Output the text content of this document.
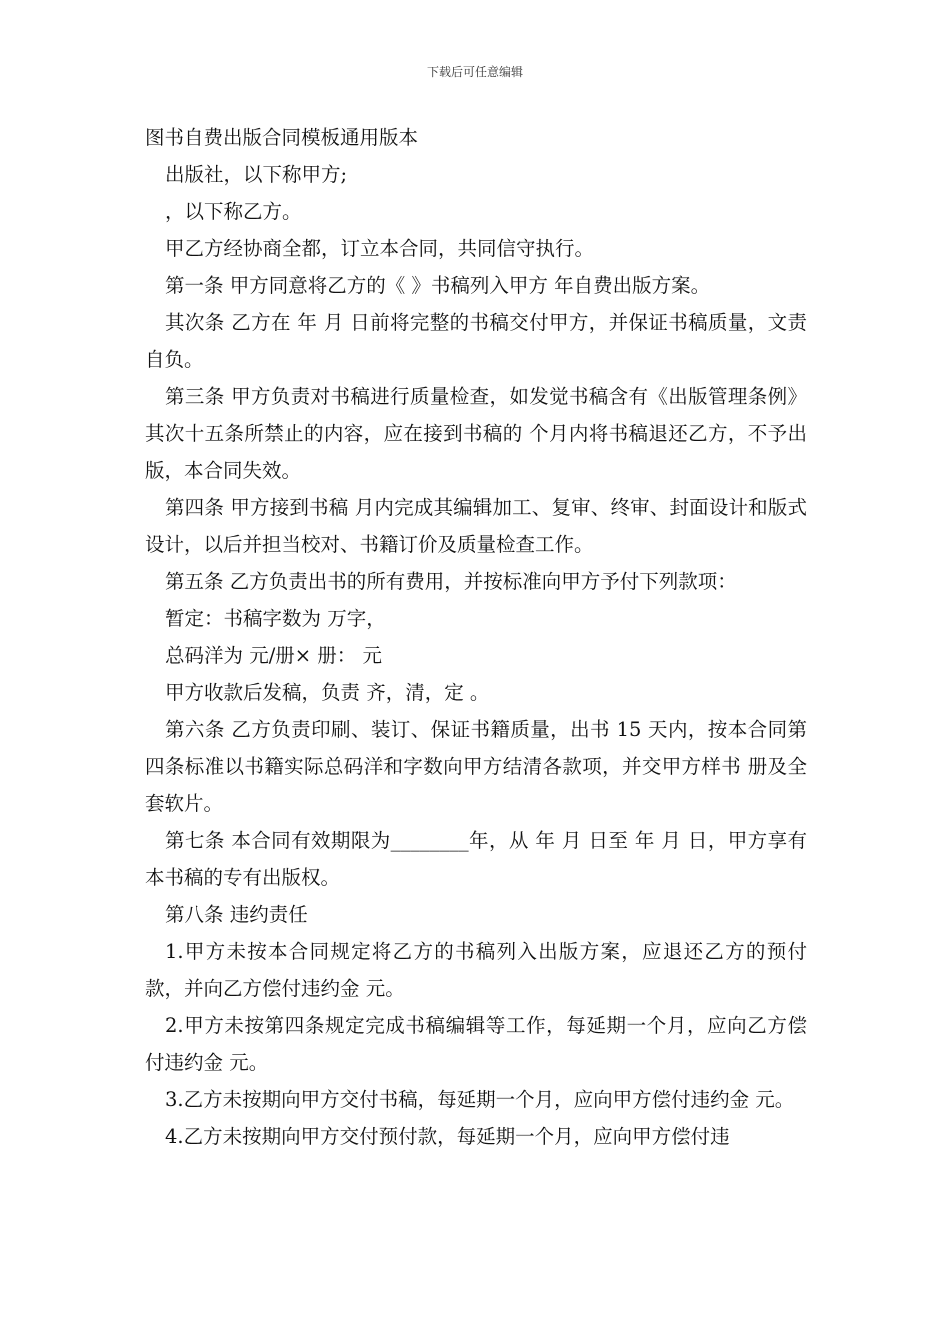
下载后可任意编辑

图书自费出版合同模板通用版本

出版社，以下称甲方;

，以下称乙方。

甲乙方经协商全都，订立本合同，共同信守执行。

第一条 甲方同意将乙方的《 》书稿列入甲方 年自费出版方案。

其次条 乙方在 年 月 日前将完整的书稿交付甲方，并保证书稿质量，文责自负。

第三条 甲方负责对书稿进行质量检查，如发觉书稿含有《出版管理条例》其次十五条所禁止的内容，应在接到书稿的 个月内将书稿退还乙方，不予出版，本合同失效。

第四条 甲方接到书稿 月内完成其编辑加工、复审、终审、封面设计和版式设计，以后并担当校对、书籍订价及质量检查工作。

第五条 乙方负责出书的所有费用，并按标准向甲方予付下列款项：

暂定：书稿字数为 万字，

总码洋为 元/册× 册： 元

甲方收款后发稿，负责 齐，清，定 。

第六条 乙方负责印刷、装订、保证书籍质量，出书 15 天内，按本合同第四条标准以书籍实际总码洋和字数向甲方结清各款项，并交甲方样书 册及全套软片。

第七条 本合同有效期限为________年，从 年 月 日至 年 月 日，甲方享有本书稿的专有出版权。

第八条 违约责任

1.甲方未按本合同规定将乙方的书稿列入出版方案，应退还乙方的预付款，并向乙方偿付违约金 元。

2.甲方未按第四条规定完成书稿编辑等工作，每延期一个月，应向乙方偿付违约金 元。

3.乙方未按期向甲方交付书稿，每延期一个月，应向甲方偿付违约金 元。

4.乙方未按期向甲方交付预付款，每延期一个月，应向甲方偿付违
